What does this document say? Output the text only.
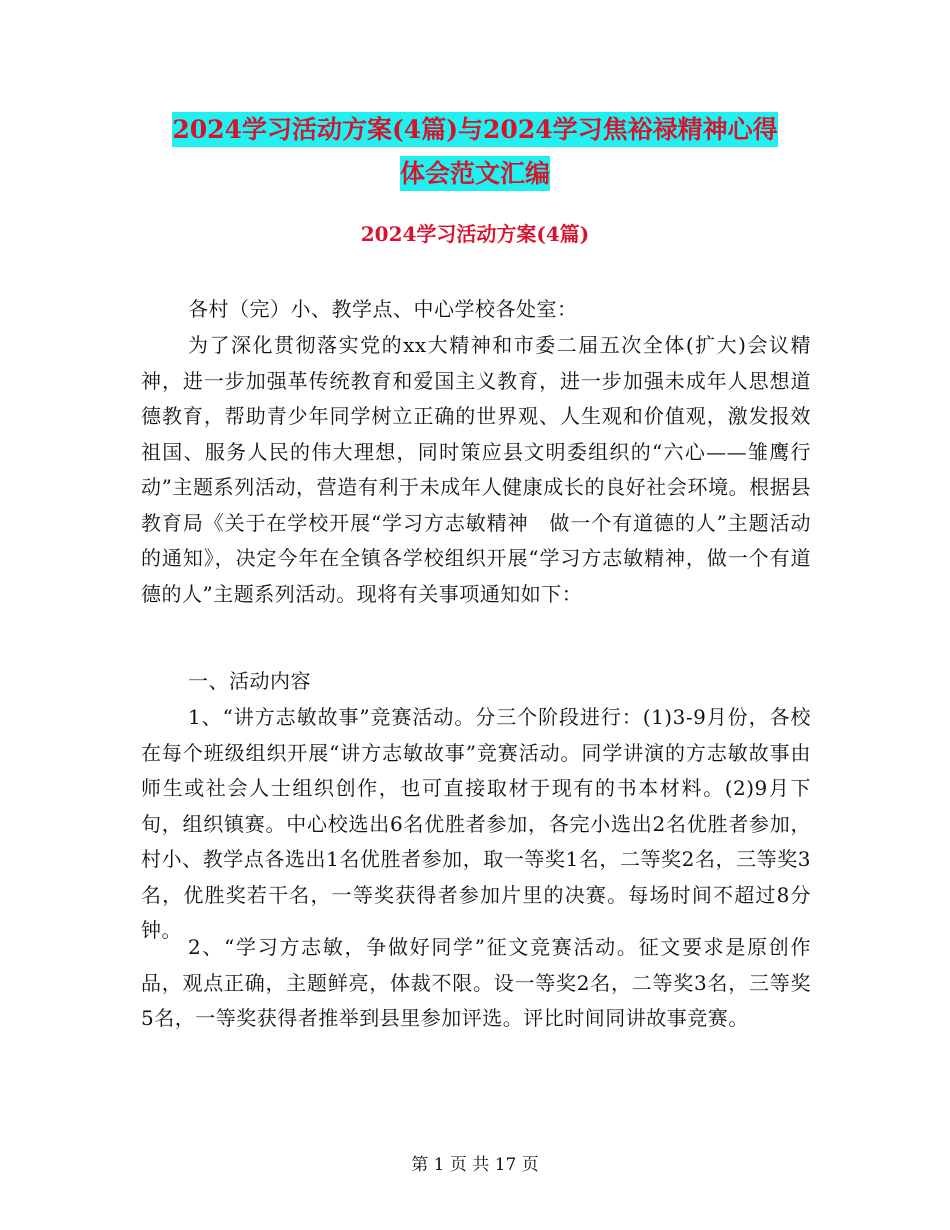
2024学习活动方案(4篇)与2024学习焦裕禄精神心得
体会范文汇编
2024学习活动方案(4篇)

各村（完）小、教学点、中心学校各处室：

为了深化贯彻落实党的xx大精神和市委二届五次全体(扩大)会议精神，进一步加强革传统教育和爱国主义教育，进一步加强未成年人思想道德教育，帮助青少年同学树立正确的世界观、人生观和价值观，激发报效祖国、服务人民的伟大理想，同时策应县文明委组织的“六心——雏鹰行动”主题系列活动，营造有利于未成年人健康成长的良好社会环境。根据县教育局《关于在学校开展“学习方志敏精神　做一个有道德的人”主题活动的通知》，决定今年在全镇各学校组织开展“学习方志敏精神，做一个有道德的人”主题系列活动。现将有关事项通知如下：

一、活动内容

1、“讲方志敏故事”竞赛活动。分三个阶段进行：(1)3-9月份，各校在每个班级组织开展“讲方志敏故事”竞赛活动。同学讲演的方志敏故事由师生或社会人士组织创作，也可直接取材于现有的书本材料。(2)9月下旬，组织镇赛。中心校选出6名优胜者参加，各完小选出2名优胜者参加，村小、教学点各选出1名优胜者参加，取一等奖1名，二等奖2名，三等奖3名，优胜奖若干名，一等奖获得者参加片里的决赛。每场时间不超过8分钟。

2、“学习方志敏，争做好同学”征文竞赛活动。征文要求是原创作品，观点正确，主题鲜亮，体裁不限。设一等奖2名，二等奖3名，三等奖5名，一等奖获得者推举到县里参加评选。评比时间同讲故事竞赛。

第 1 页 共 17 页
